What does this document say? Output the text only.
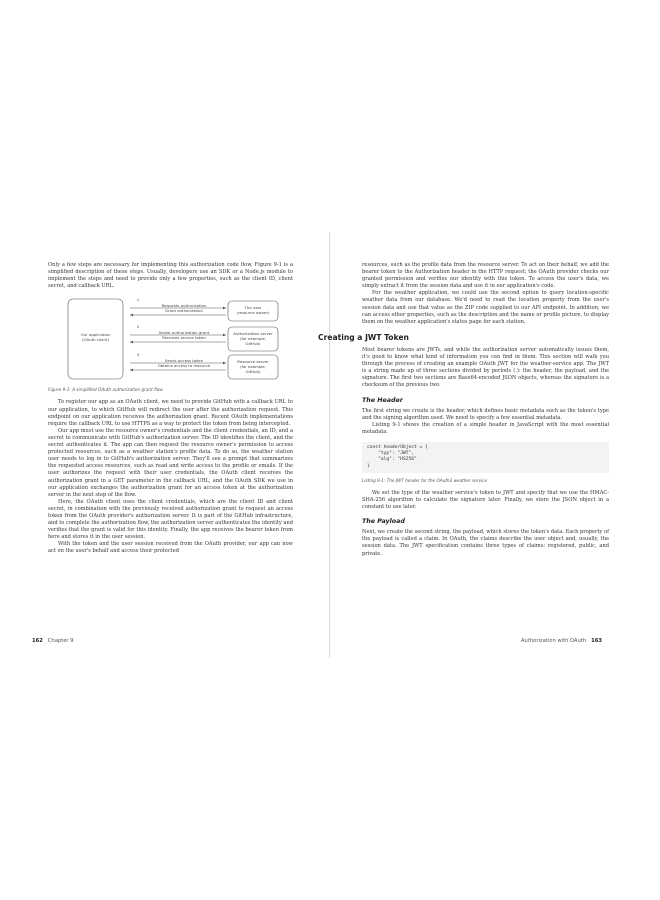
Only a few steps are necessary for implementing this authorization code flow. Figure 9-1 is a simplified description of these steps. Usually, developers use an SDK or a Node.js module to implement the steps and need to provide only a few properties, such as the client ID, client secret, and callback URL.

Our application
(OAuth client)
1
2
3
Requests authorization
Grant authorization
Sends authorization grant
Receives access token
Sends access token
Obtains access to resource
The user
(resource owner)
Authorization server
(for example,
GitHub)
Resource server
(for example,
GitHub)
Figure 9-1: A simplified OAuth authorization grant flow

To register our app as an OAuth client, we need to provide GitHub with a callback URL to our application, to which GitHub will redirect the user after the authorization request. This endpoint on our application receives the authorization grant. Recent OAuth implementations require the callback URL to use HTTPS as a way to protect the token from being intercepted.

Our app must use the resource owner's credentials and the client credentials, an ID, and a secret to communicate with GitHub's authorization server. The ID identifies the client, and the secret authenticates it. The app can then request the resource owner's permission to access protected resources, such as a weather station's profile data. To do so, the weather station user needs to log in to GitHub's authorization server. They'll see a prompt that summarizes the requested access resources, such as read and write access to the profile or emails. If the user authorizes the request with their user credentials, the OAuth client receives the authorization grant in a GET parameter in the callback URL, and the OAuth SDK we use in our application exchanges the authorization grant for an access token at the authorization server in the next step of the flow.

Here, the OAuth client uses the client credentials, which are the client ID and client secret, in combination with the previously received authorization grant to request an access token from the OAuth provider's authorization server. It is part of the GitHub infrastructure, and to complete the authorization flow, the authorization server authenticates the identity and verifies that the grant is valid for this identity. Finally, the app receives the bearer token from here and stores it in the user session.

With the token and the user session received from the OAuth provider, our app can now act on the user's behalf and access their protected

162 Chapter 9

resources, such as the profile data from the resource server. To act on their behalf, we add the bearer token to the Authorization header in the HTTP request; the OAuth provider checks our granted permission and verifies our identity with this token. To access the user's data, we simply extract it from the session data and use it in our application's code.

For the weather application, we could use the second option to query location-specific weather data from our database. We'd need to read the location property from the user's session data and use that value as the ZIP code supplied to our API endpoint. In addition, we can access other properties, such as the description and the name or profile picture, to display them on the weather application's status page for each station.

Creating a JWT Token

Most bearer tokens are JWTs, and while the authorization server automatically issues them, it's good to know what kind of information you can find in them. This section will walk you through the process of creating an example OAuth JWT for the weather-service app. The JWT is a string made up of three sections divided by periods (.): the header, the payload, and the signature. The first two sections are Base64-encoded JSON objects, whereas the signature is a checksum of the previous two.

The Header

The first string we create is the header, which defines basic metadata such as the token's type and the signing algorithm used. We need to specify a few essential metadata.

Listing 9-1 shows the creation of a simple header in JavaScript with the most essential metadata.

const headerObject = {
"typ": "JWT",
"alg": "HS256"
}
Listing 9-1: The JWT header for the OAuth2 weather service

We set the type of the weather service's token to JWT and specify that we use the HMAC-SHA-256 algorithm to calculate the signature later. Finally, we store the JSON object in a constant to use later.

The Payload

Next, we create the second string, the payload, which stores the token's data. Each property of the payload is called a claim. In OAuth, the claims describe the user object and, usually, the session data. The JWT specification contains three types of claims: registered, public, and private.

Authorization with OAuth 163
